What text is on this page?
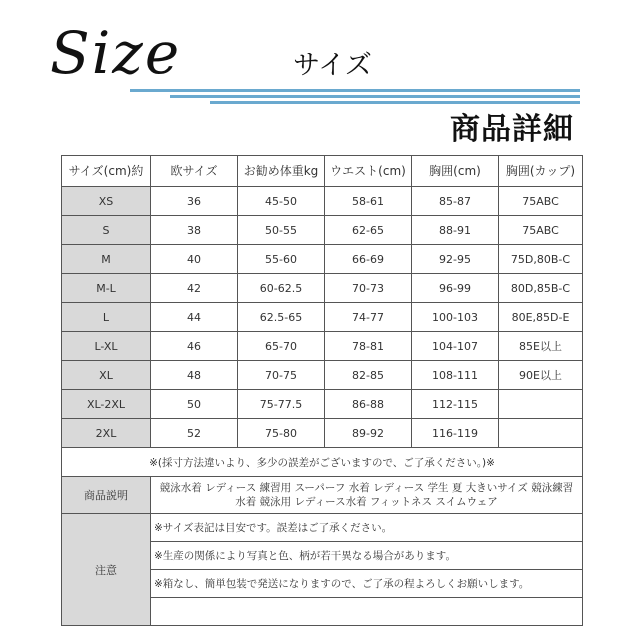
Size	サイズ
商品詳細
サイズ(cm)約	欧サイズ	お勧め体重kg	ウエスト(cm)	胸囲(cm)	胸囲(カップ)
XS	36	45-50	58-61	85-87	75ABC
S	38	50-55	62-65	88-91	75ABC
M	40	55-60	66-69	92-95	75D,80B-C
M-L	42	60-62.5	70-73	96-99	80D,85B-C
L	44	62.5-65	74-77	100-103	80E,85D-E
L-XL	46	65-70	78-81	104-107	85E以上
XL	48	70-75	82-85	108-111	90E以上
XL-2XL	50	75-77.5	86-88	112-115	
2XL	52	75-80	89-92	116-119	
※(採寸方法違いより、多少の誤差がございますので、ご了承ください。)※					
商品説明	競泳水着 レディース 練習用 スーパーフ 水着 レディース 学生 夏 大きいサイズ 競泳練習水着 競泳用 レディース水着 フィットネス スイムウェア				
注意	※サイズ表記は目安です。誤差はご了承ください。				
	※生産の関係により写真と色、柄が若干異なる場合があります。				
	※箱なし、簡単包装で発送になりますので、ご了承の程よろしくお願いします。				
